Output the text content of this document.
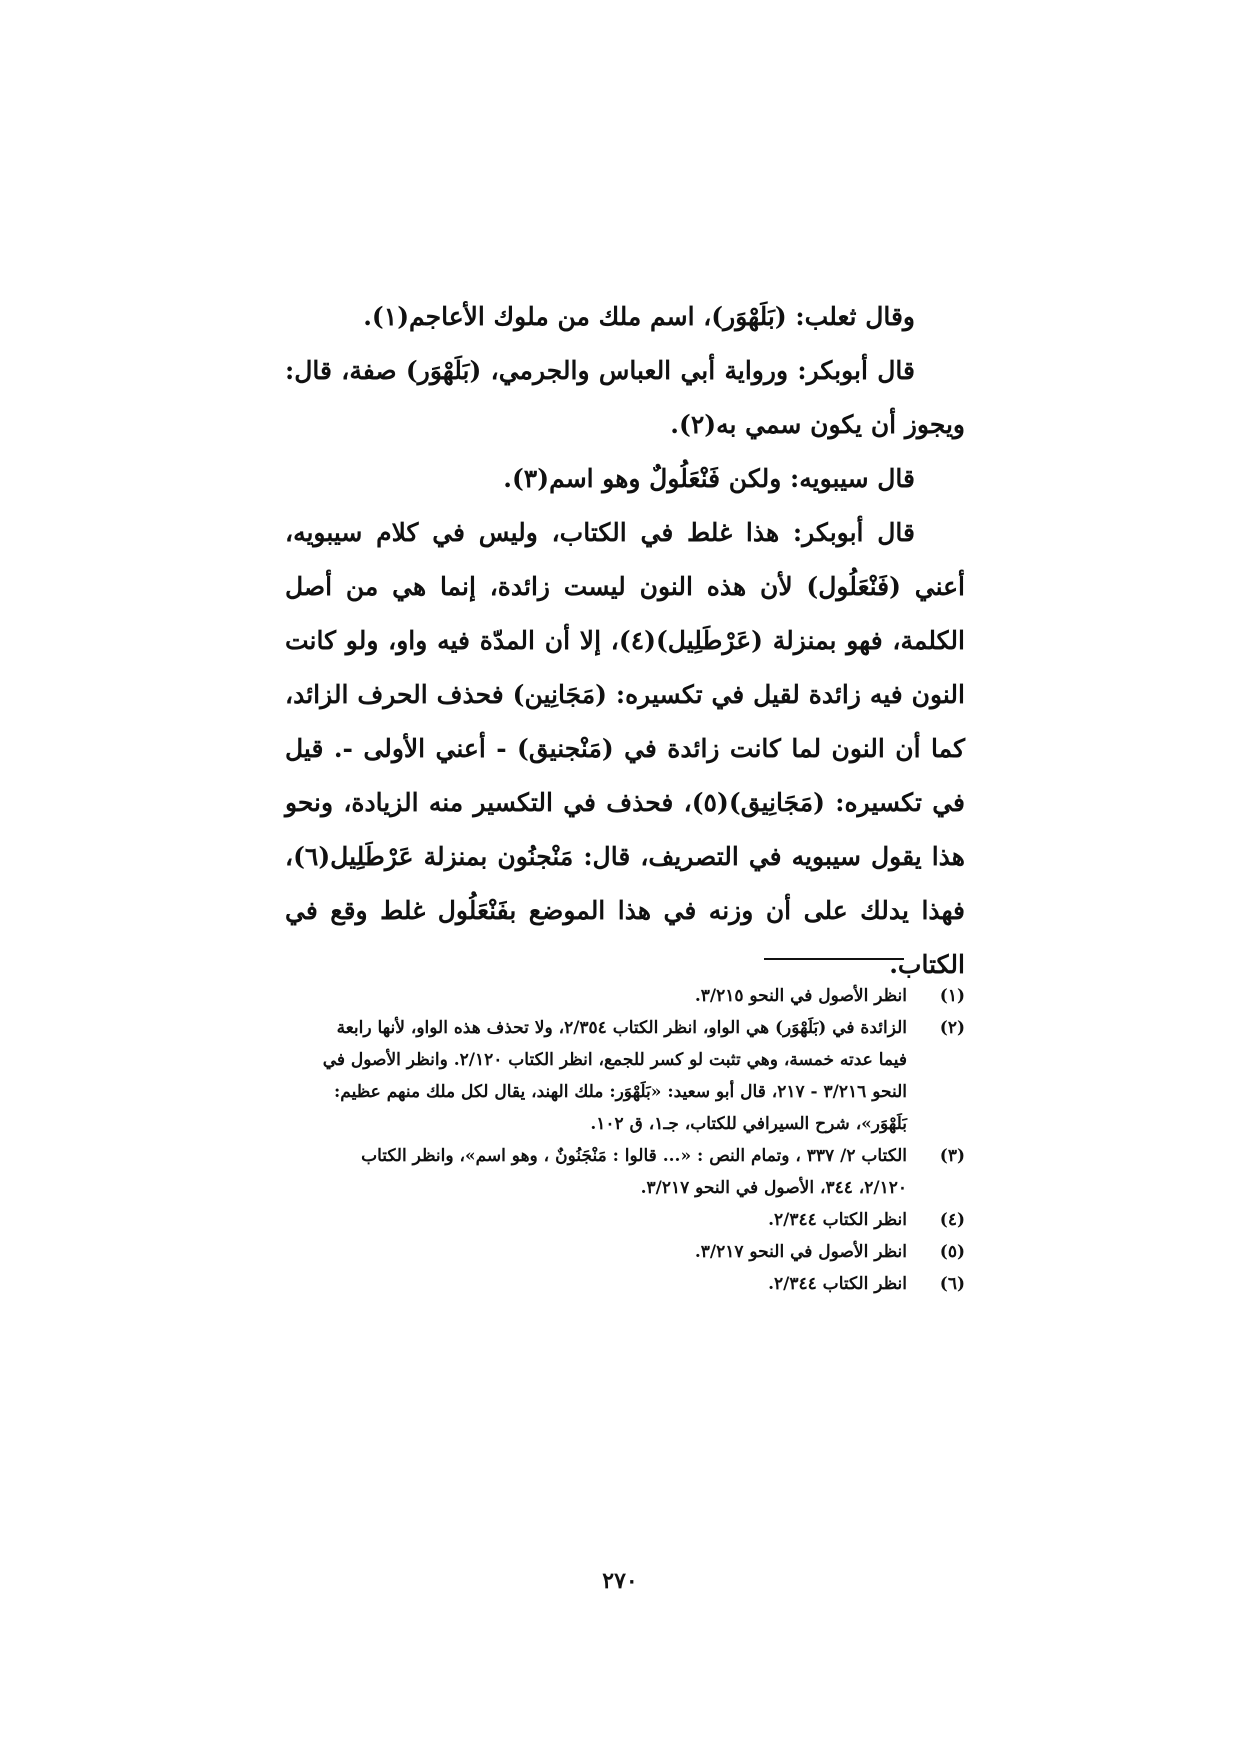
وقال ثعلب: (بَلَهْوَر)، اسم ملك من ملوك الأعاجم(١).

قال أبوبكر: ورواية أبي العباس والجرمي، (بَلَهْوَر) صفة، قال: ويجوز أن يكون سمي به(٢).

قال سيبويه: ولكن فَنْعَلُولٌ وهو اسم(٣).

قال أبوبكر: هذا غلط في الكتاب، وليس في كلام سيبويه، أعني (فَنْعَلُول) لأن هذه النون ليست زائدة، إنما هي من أصل الكلمة، فهو بمنزلة (عَرْطَلِيل)(٤)، إلا أن المدّة فيه واو، ولو كانت النون فيه زائدة لقيل في تكسيره: (مَجَانِين) فحذف الحرف الزائد، كما أن النون لما كانت زائدة في (مَنْجنيق) - أعني الأولى -. قيل في تكسيره: (مَجَانِيق)(٥)، فحذف في التكسير منه الزيادة، ونحو هذا يقول سيبويه في التصريف، قال: مَنْجنُون بمنزلة عَرْطَلِيل(٦)، فهذا يدلك على أن وزنه في هذا الموضع بفَنْعَلُول غلط وقع في الكتاب.

(١)
انظر الأصول في النحو ٣/٢١٥.
(٢)
الزائدة في (بَلَهْوَر) هي الواو، انظر الكتاب ٢/٣٥٤، ولا تحذف هذه الواو، لأنها رابعة
فيما عدته خمسة، وهي تثبت لو كسر للجمع، انظر الكتاب ٢/١٢٠. وانظر الأصول في
النحو ٣/٢١٦ - ٢١٧، قال أبو سعيد: «بَلَهْوَر: ملك الهند، يقال لكل ملك منهم عظيم:
بَلَهْوَر»، شرح السيرافي للكتاب، جـ١، ق ١٠٢.
(٣)
الكتاب ٢/ ٣٣٧ ، وتمام النص : «... قالوا : مَنْجَنُونٌ ، وهو اسم»، وانظر الكتاب
٢/١٢٠، ٣٤٤، الأصول في النحو ٣/٢١٧.
(٤)
انظر الكتاب ٢/٣٤٤.
(٥)
انظر الأصول في النحو ٣/٢١٧.
(٦)
انظر الكتاب ٢/٣٤٤.
٢٧٠
